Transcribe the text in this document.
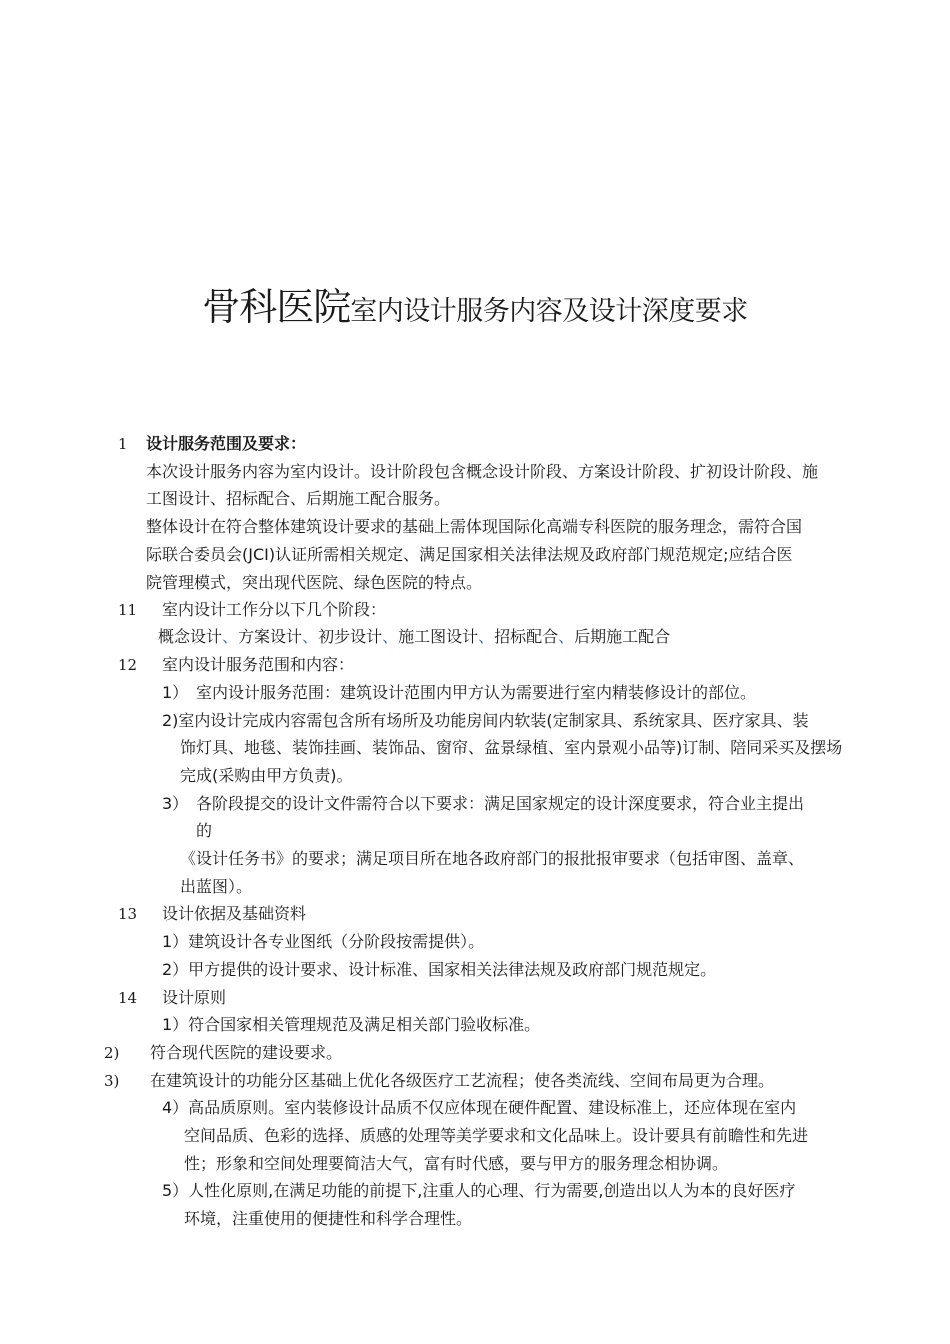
骨科医院室内设计服务内容及设计深度要求
1 设计服务范围及要求：
本次设计服务内容为室内设计。设计阶段包含概念设计阶段、方案设计阶段、扩初设计阶段、施
工图设计、招标配合、后期施工配合服务。
整体设计在符合整体建筑设计要求的基础上需体现国际化高端专科医院的服务理念，需符合国
际联合委员会(JCI)认证所需相关规定、满足国家相关法律法规及政府部门规范规定;应结合医
院管理模式，突出现代医院、绿色医院的特点。
11 室内设计工作分以下几个阶段：
概念设计、方案设计、初步设计、施工图设计、招标配合、后期施工配合
12 室内设计服务范围和内容：
1） 室内设计服务范围：建筑设计范围内甲方认为需要进行室内精装修设计的部位。
2)室内设计完成内容需包含所有场所及功能房间内软装(定制家具、系统家具、医疗家具、装
饰灯具、地毯、装饰挂画、装饰品、窗帘、盆景绿植、室内景观小品等)订制、陪同采买及摆场
完成(采购由甲方负责)。
3） 各阶段提交的设计文件需符合以下要求：满足国家规定的设计深度要求，符合业主提出
的
《设计任务书》的要求；满足项目所在地各政府部门的报批报审要求（包括审图、盖章、
出蓝图）。
13 设计依据及基础资料
1）建筑设计各专业图纸（分阶段按需提供）。
2）甲方提供的设计要求、设计标准、国家相关法律法规及政府部门规范规定。
14 设计原则
1）符合国家相关管理规范及满足相关部门验收标准。
2) 符合现代医院的建设要求。
3) 在建筑设计的功能分区基础上优化各级医疗工艺流程；使各类流线、空间布局更为合理。
4）高品质原则。室内装修设计品质不仅应体现在硬件配置、建设标准上，还应体现在室内
空间品质、色彩的选择、质感的处理等美学要求和文化品味上。设计要具有前瞻性和先进
性；形象和空间处理要简洁大气，富有时代感，要与甲方的服务理念相协调。
5）人性化原则,在满足功能的前提下,注重人的心理、行为需要,创造出以人为本的良好医疗
环境，注重使用的便捷性和科学合理性。
